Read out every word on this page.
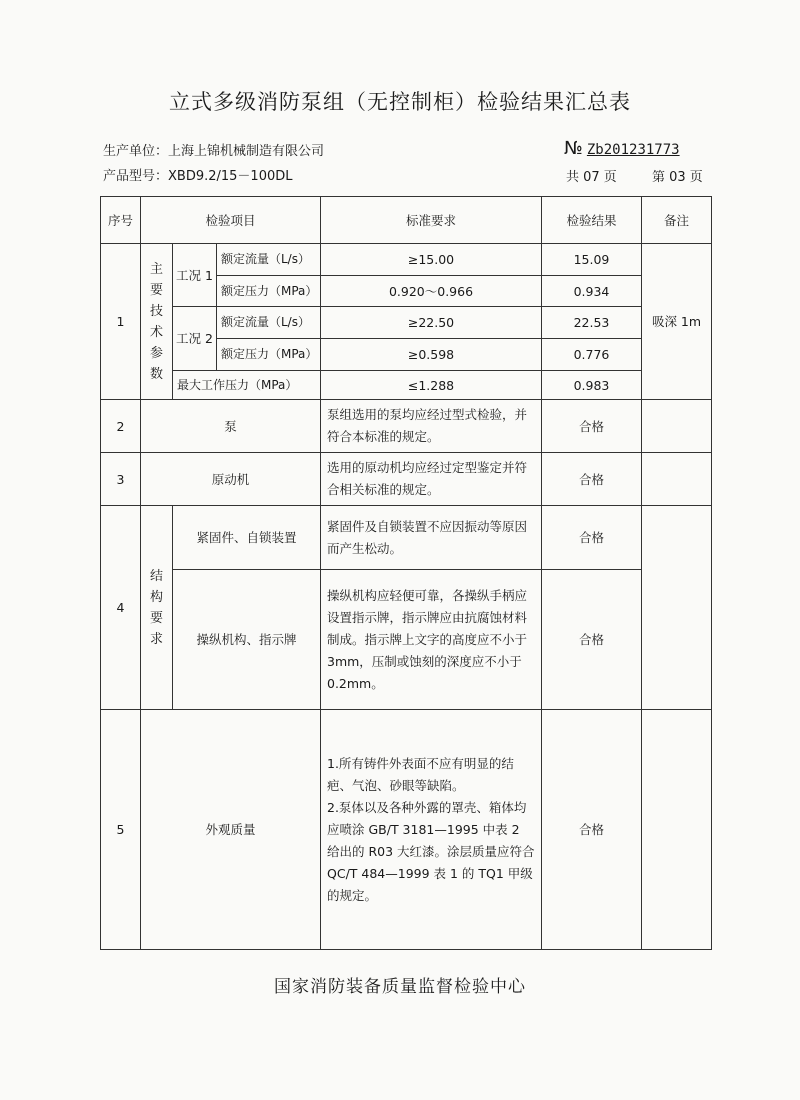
立式多级消防泵组（无控制柜）检验结果汇总表
生产单位：上海上锦机械制造有限公司
产品型号：XBD9.2/15－100DL
№ Zb201231773
共 07 页	第 03 页
序号	检验项目			标准要求	检验结果	备注
1	主要技术参数	工况 1	额定流量（L/s）	≥15.00	15.09	吸深 1m
			额定压力（MPa）	0.920～0.966	0.934	
		工况 2	额定流量（L/s）	≥22.50	22.53	
			额定压力（MPa）	≥0.598	0.776	
		最大工作压力（MPa）		≤1.288	0.983	
2	泵			泵组选用的泵均应经过型式检验，并符合本标准的规定。	合格	
3	原动机			选用的原动机均应经过定型鉴定并符合相关标准的规定。	合格	
4	结构要求	紧固件、自锁装置		紧固件及自锁装置不应因振动等原因而产生松动。	合格	
		操纵机构、指示牌		操纵机构应轻便可靠，各操纵手柄应设置指示牌，指示牌应由抗腐蚀材料制成。指示牌上文字的高度应不小于 3mm，压制或蚀刻的深度应不小于 0.2mm。	合格	
5	外观质量			1.所有铸件外表面不应有明显的结疤、气泡、砂眼等缺陷。
2.泵体以及各种外露的罩壳、箱体均应喷涂 GB/T 3181—1995 中表 2 给出的 R03 大红漆。涂层质量应符合 QC/T 484—1999 表 1 的 TQ1 甲级的规定。	合格	
国家消防装备质量监督检验中心
